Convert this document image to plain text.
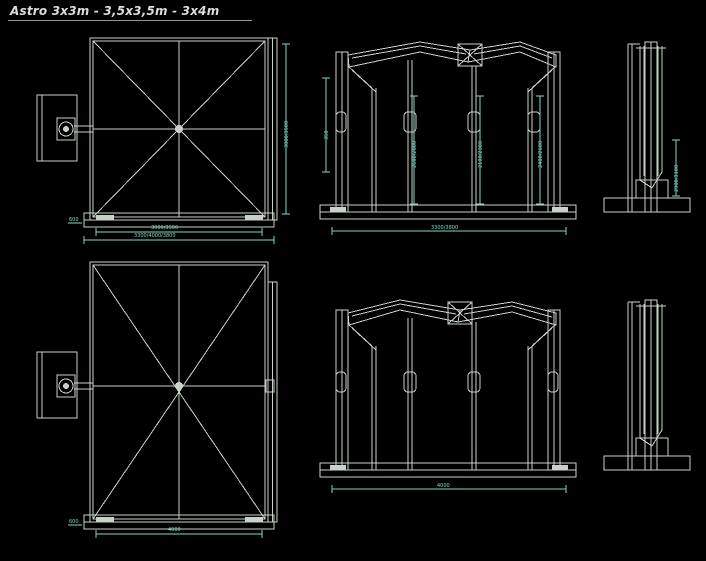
Astro 3x3m - 3,5x3,5m - 3x4m
3000/3500
3300/4000/3800
3000/3500
600
3300/3800
350
2600/2800	2100/2300	2400/2600
2900/3100
4000
600
4000
